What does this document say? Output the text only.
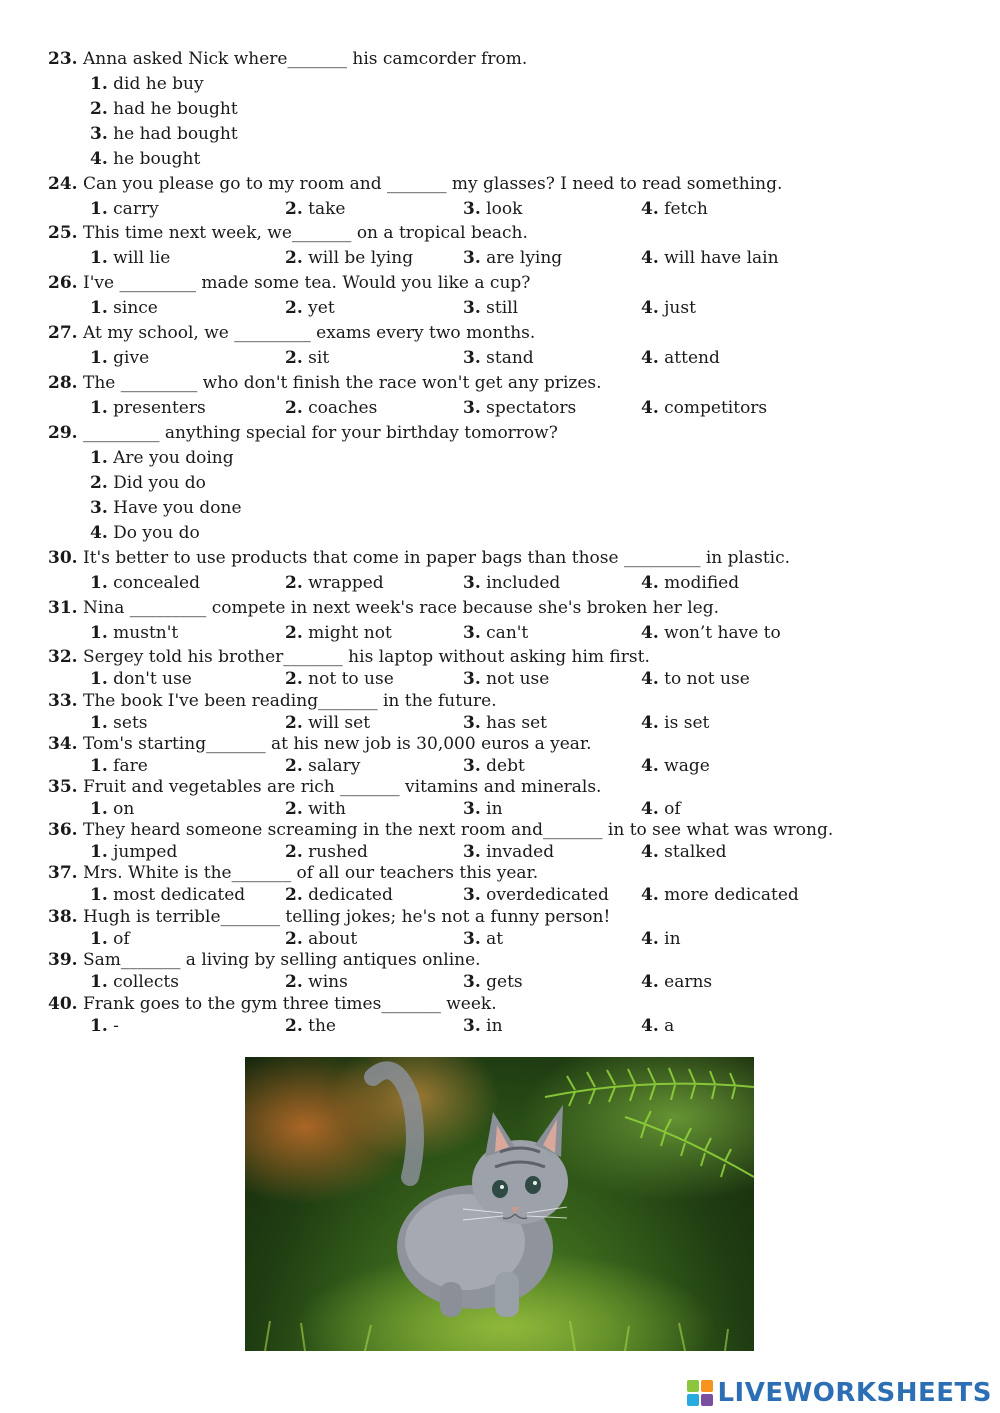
23. Anna asked Nick where_______ his camcorder from.
1. did he buy
2. had he bought
3. he had bought
4. he bought
24. Can you please go to my room and _______ my glasses? I need to read something.
1. carry	2. take	3. look	4. fetch
25. This time next week, we_______ on a tropical beach.
1. will lie	2. will be lying	3. are lying	4. will have lain
26. I've _________ made some tea. Would you like a cup?
1. since	2. yet	3. still	4. just
27. At my school, we _________ exams every two months.
1. give	2. sit	3. stand	4. attend
28. The _________ who don't finish the race won't get any prizes.
1. presenters	2. coaches	3. spectators	4. competitors
29. _________ anything special for your birthday tomorrow?
1. Are you doing
2. Did you do
3. Have you done
4. Do you do
30. It's better to use products that come in paper bags than those _________ in plastic.
1. concealed	2. wrapped	3. included	4. modified
31. Nina _________ compete in next week's race because she's broken her leg.
1. mustn't	2. might not	3. can't	4. won’t have to
32. Sergey told his brother_______ his laptop without asking him first.
1. don't use	2. not to use	3. not use	4. to not use
33. The book I've been reading_______ in the future.
1. sets	2. will set	3. has set	4. is set
34. Tom's starting_______ at his new job is 30,000 euros a year.
1. fare	2. salary	3. debt	4. wage
35. Fruit and vegetables are rich _______ vitamins and minerals.
1. on	2. with	3. in	4. of
36. They heard someone screaming in the next room and_______ in to see what was wrong.
1. jumped	2. rushed	3. invaded	4. stalked
37. Mrs. White is the_______ of all our teachers this year.
1. most dedicated 2. dedicated	3. overdedicated 4. more dedicated
38. Hugh is terrible_______ telling jokes; he's not a funny person!
1. of	2. about	3. at	4. in
39. Sam_______ a living by selling antiques online.
1. collects	2. wins	3. gets	4. earns
40. Frank goes to the gym three times_______ week.
1. -	2. the	3. in	4. a
LIVEWORKSHEETS
